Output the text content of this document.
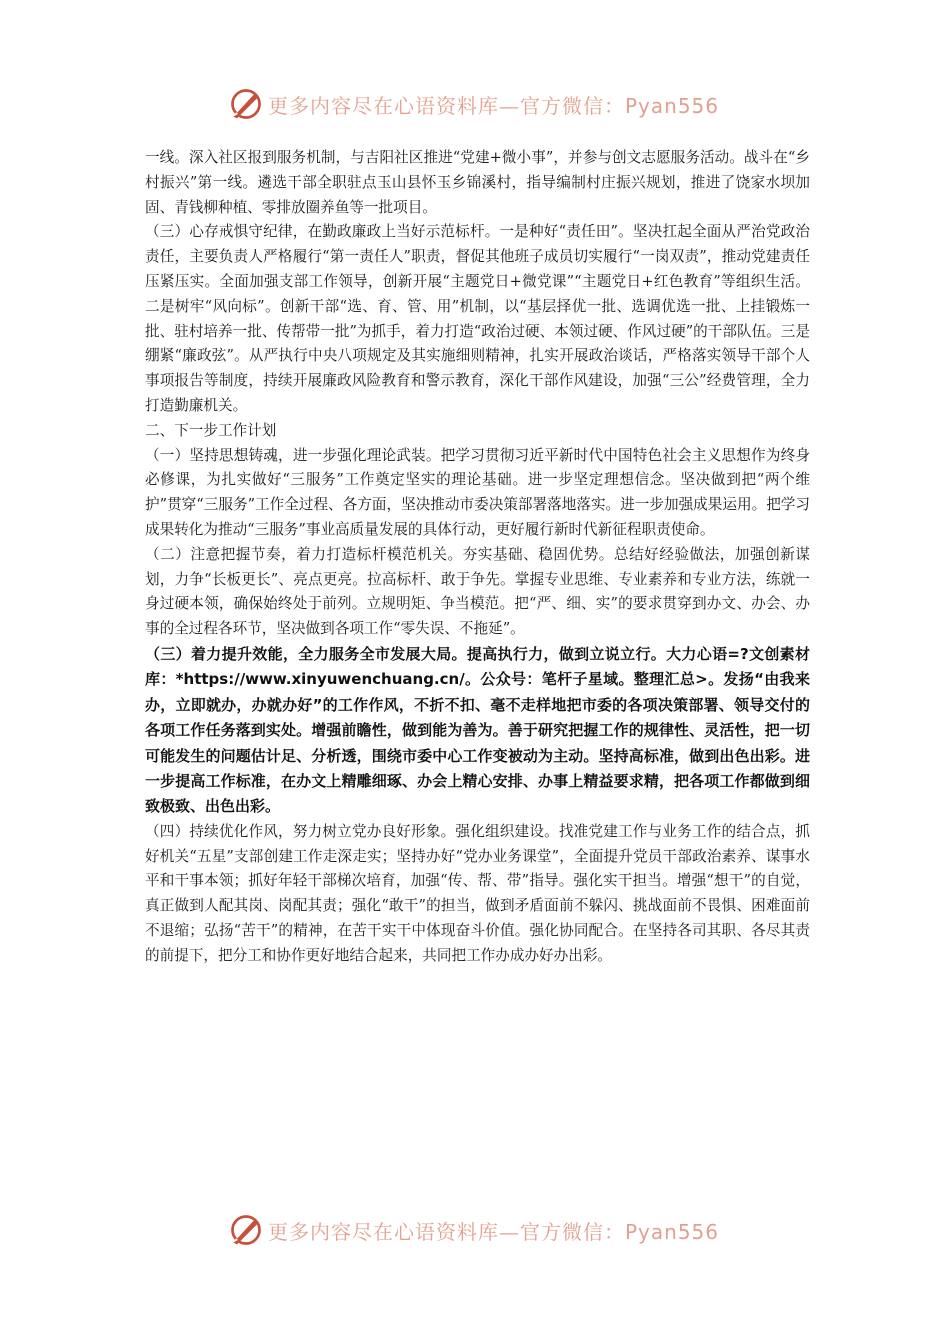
更多内容尽在心语资料库—官方微信：Pyan556

一线。深入社区报到服务机制，与吉阳社区推进“党建+微小事”，并参与创文志愿服务活动。战斗在“乡村振兴”第一线。遴选干部全职驻点玉山县怀玉乡锦溪村，指导编制村庄振兴规划，推进了饶家水坝加固、青钱柳种植、零排放圈养鱼等一批项目。

（三）心存戒惧守纪律，在勤政廉政上当好示范标杆。一是种好“责任田”。坚决扛起全面从严治党政治责任，主要负责人严格履行“第一责任人”职责，督促其他班子成员切实履行“一岗双责”，推动党建责任压紧压实。全面加强支部工作领导，创新开展“主题党日+微党课”“主题党日+红色教育”等组织生活。二是树牢“风向标”。创新干部“选、育、管、用”机制，以“基层择优一批、选调优选一批、上挂锻炼一批、驻村培养一批、传帮带一批”为抓手，着力打造“政治过硬、本领过硬、作风过硬”的干部队伍。三是绷紧“廉政弦”。从严执行中央八项规定及其实施细则精神，扎实开展政治谈话，严格落实领导干部个人事项报告等制度，持续开展廉政风险教育和警示教育，深化干部作风建设，加强“三公”经费管理，全力打造勤廉机关。

二、下一步工作计划

（一）坚持思想铸魂，进一步强化理论武装。把学习贯彻习近平新时代中国特色社会主义思想作为终身必修课，为扎实做好“三服务”工作奠定坚实的理论基础。进一步坚定理想信念。坚决做到把“两个维护”贯穿“三服务”工作全过程、各方面，坚决推动市委决策部署落地落实。进一步加强成果运用。把学习成果转化为推动“三服务”事业高质量发展的具体行动，更好履行新时代新征程职责使命。

（二）注意把握节奏，着力打造标杆模范机关。夯实基础、稳固优势。总结好经验做法，加强创新谋划，力争“长板更长”、亮点更亮。拉高标杆、敢于争先。掌握专业思维、专业素养和专业方法，练就一身过硬本领，确保始终处于前列。立规明矩、争当模范。把“严、细、实”的要求贯穿到办文、办会、办事的全过程各环节，坚决做到各项工作“零失误、不拖延”。

（三）着力提升效能，全力服务全市发展大局。提高执行力，做到立说立行。大力心语=?文创素材库：*https://www.xinyuwenchuang.cn/。公众号：笔杆子星域。整理汇总>。发扬“由我来办，立即就办，办就办好”的工作作风，不折不扣、毫不走样地把市委的各项决策部署、领导交付的各项工作任务落到实处。增强前瞻性，做到能为善为。善于研究把握工作的规律性、灵活性，把一切可能发生的问题估计足、分析透，围绕市委中心工作变被动为主动。坚持高标准，做到出色出彩。进一步提高工作标准，在办文上精雕细琢、办会上精心安排、办事上精益要求精，把各项工作都做到细致极致、出色出彩。

（四）持续优化作风，努力树立党办良好形象。强化组织建设。找准党建工作与业务工作的结合点，抓好机关“五星”支部创建工作走深走实；坚持办好“党办业务课堂”，全面提升党员干部政治素养、谋事水平和干事本领；抓好年轻干部梯次培育，加强“传、帮、带”指导。强化实干担当。增强“想干”的自觉，真正做到人配其岗、岗配其责；强化“敢干”的担当，做到矛盾面前不躲闪、挑战面前不畏惧、困难面前不退缩；弘扬“苦干”的精神，在苦干实干中体现奋斗价值。强化协同配合。在坚持各司其职、各尽其责的前提下，把分工和协作更好地结合起来，共同把工作办成办好办出彩。

更多内容尽在心语资料库—官方微信：Pyan556
